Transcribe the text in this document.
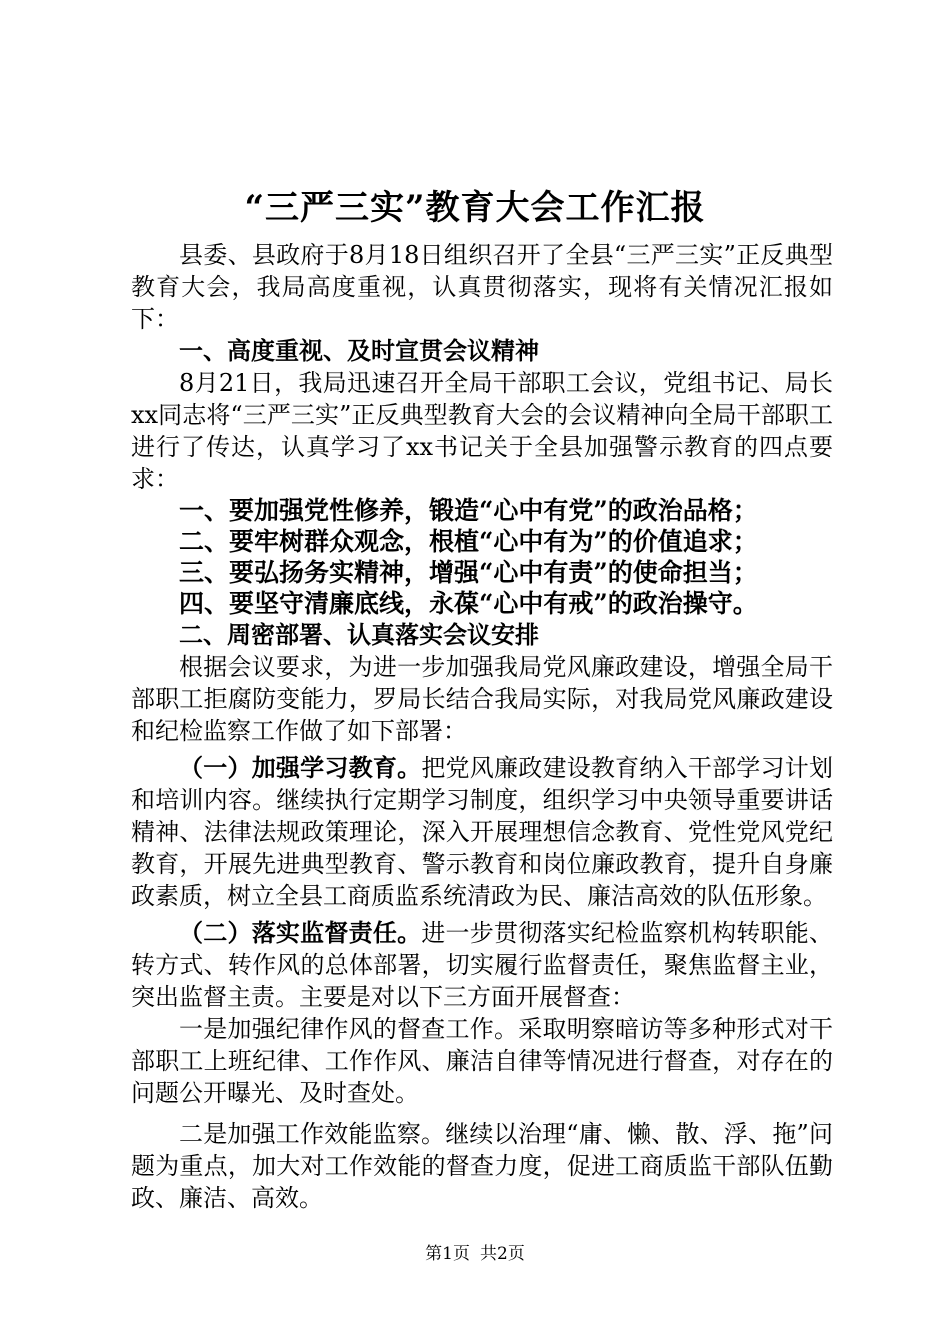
“三严三实”教育大会工作汇报

县委、县政府于8月18日组织召开了全县“三严三实”正反典型教育大会，我局高度重视，认真贯彻落实，现将有关情况汇报如下：

一、高度重视、及时宣贯会议精神

8月21日，我局迅速召开全局干部职工会议，党组书记、局长xx同志将“三严三实”正反典型教育大会的会议精神向全局干部职工进行了传达，认真学习了xx书记关于全县加强警示教育的四点要求：

一、要加强党性修养，锻造“心中有党”的政治品格；

二、要牢树群众观念，根植“心中有为”的价值追求；

三、要弘扬务实精神，增强“心中有责”的使命担当；

四、要坚守清廉底线，永葆“心中有戒”的政治操守。

二、周密部署、认真落实会议安排

根据会议要求，为进一步加强我局党风廉政建设，增强全局干部职工拒腐防变能力，罗局长结合我局实际，对我局党风廉政建设和纪检监察工作做了如下部署：

（一）加强学习教育。把党风廉政建设教育纳入干部学习计划和培训内容。继续执行定期学习制度，组织学习中央领导重要讲话精神、法律法规政策理论，深入开展理想信念教育、党性党风党纪教育，开展先进典型教育、警示教育和岗位廉政教育，提升自身廉政素质，树立全县工商质监系统清政为民、廉洁高效的队伍形象。

（二）落实监督责任。进一步贯彻落实纪检监察机构转职能、转方式、转作风的总体部署，切实履行监督责任，聚焦监督主业，突出监督主责。主要是对以下三方面开展督查：

一是加强纪律作风的督查工作。采取明察暗访等多种形式对干部职工上班纪律、工作作风、廉洁自律等情况进行督查，对存在的问题公开曝光、及时查处。

二是加强工作效能监察。继续以治理“庸、懒、散、浮、拖”问题为重点，加大对工作效能的督查力度，促进工商质监干部队伍勤政、廉洁、高效。

第1页 共2页
